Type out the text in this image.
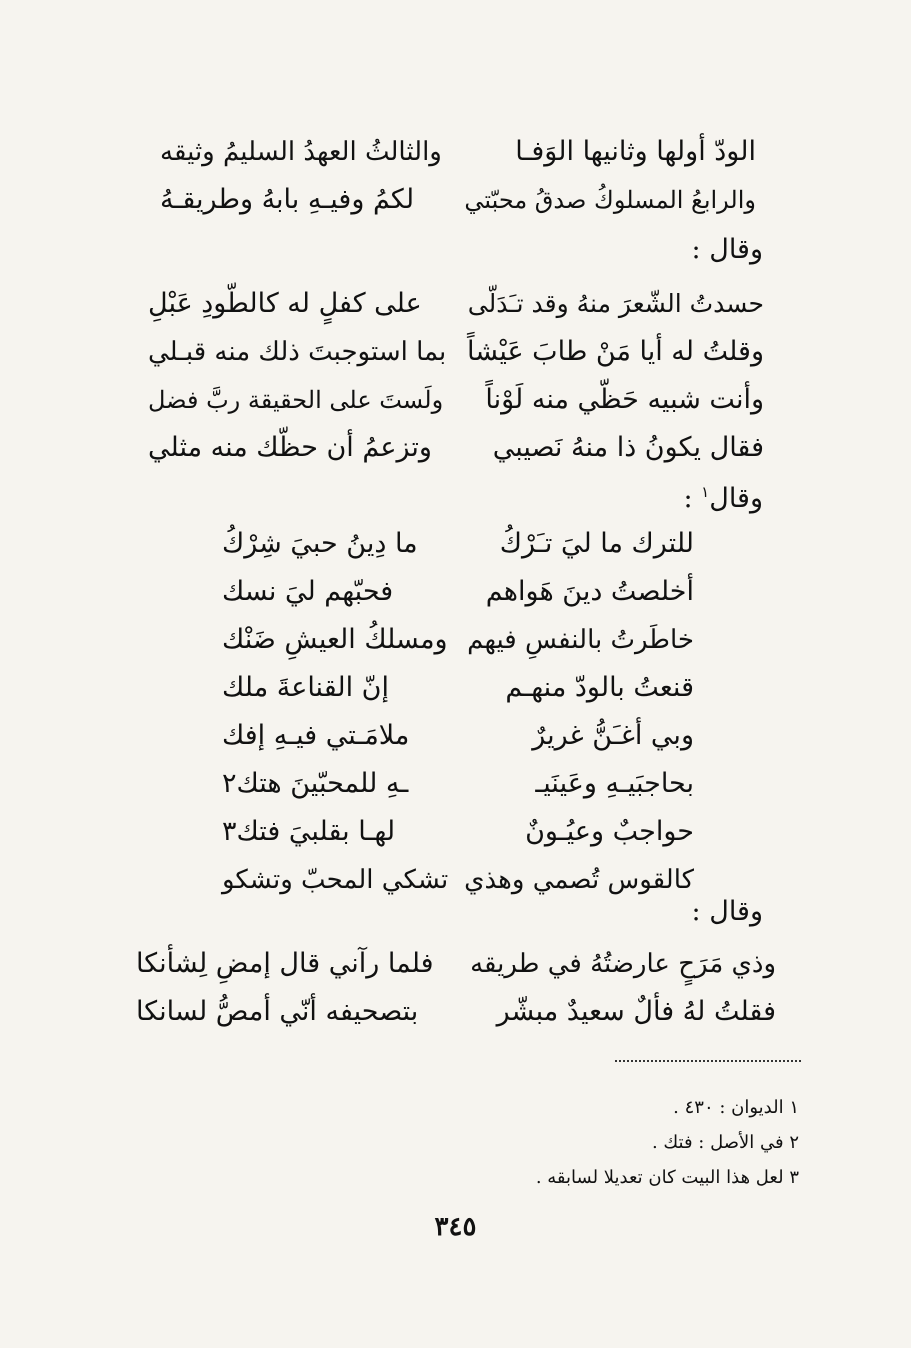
الودّ أولها وثانيها الوَفـا
والثالثُ العهدُ السليمُ وثيقه
والرابعُ المسلوكُ صدقُ محبّتي
لكمُ وفيـهِ بابهُ وطريقـهُ
وقال :
حسدتُ الشّعرَ منهُ وقد تـَدَلّى
على كفلٍ له كالطّودِ عَبْلِ
وقلتُ له أيا مَنْ طابَ عَيْشاً
بما استوجبتَ ذلك منه قبـلي
وأنت شبيه حَظّي منه لَوْناً
ولَستَ على الحقيقة ربَّ فضل
فقال يكونُ ذا منهُ نَصيبي
وتزعمُ أن حظّك منه مثلي
وقال$^١$ :
للترك ما ليَ تـَرْكُ
ما دِينُ حبيَ شِرْكُ
أخلصتُ دينَ هَواهم
فحبّهم ليَ نسك
خاطَرتُ بالنفسِ فيهم
ومسلكُ العيشِ ضَنْك
قنعتُ بالودّ منهـم
إنّ القناعةَ ملك
وبي أغـَنُّ غريرٌ
ملامَـتي فيـهِ إفك
بحاجبَيـهِ وعَينَيـ
ـهِ للمحبّينَ هتك٢
حواجبٌ وعيُـونٌ
لهـا بقلبيَ فتك٣
كالقوس تُصمي وهذي
تشكي المحبّ وتشكو
وقال :
وذي مَرَحٍ عارضتُهُ في طريقه
فلما رآني قال إمضِ لِشأنكا
فقلتُ لهُ فألٌ سعيدٌ مبشّر
بتصحيفه أنّي أمصُّ لسانكا
١ الديوان : ٤٣٠ .
٢ في الأصل : فتك .
٣ لعل هذا البيت كان تعديلا لسابقه .
٣٤٥
